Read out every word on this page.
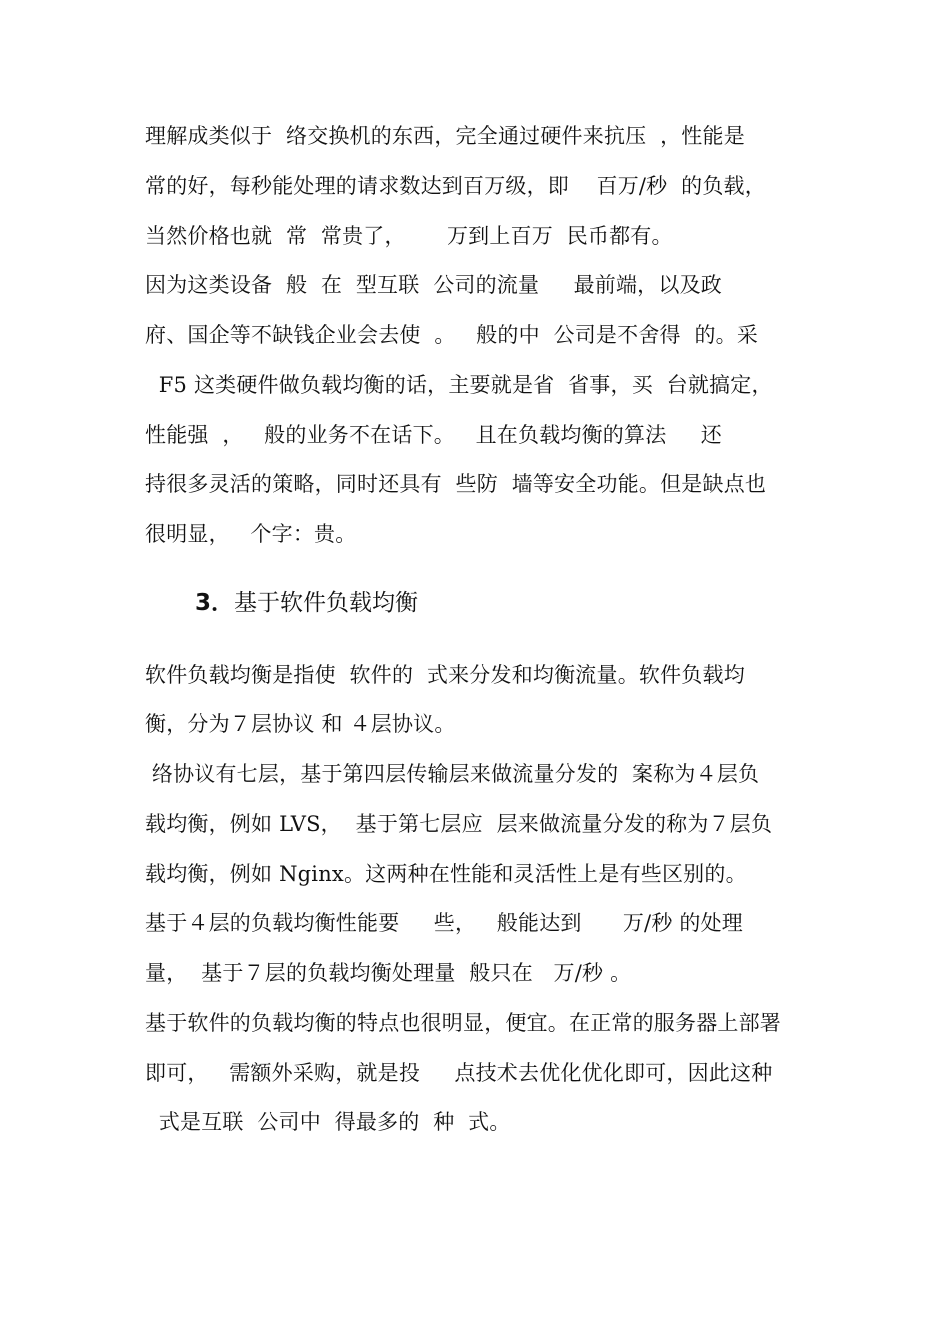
理解成类似于  络交换机的东西，完全通过硬件来抗压  ，性能是
常的好，每秒能处理的请求数达到百万级，即    百万/秒  的负载，
当然价格也就  常  常贵了，      万到上百万  民币都有。
因为这类设备  般  在  型互联  公司的流量     最前端，以及政
府、国企等不缺钱企业会去使  。   般的中  公司是不舍得  的。采
F5 这类硬件做负载均衡的话，主要就是省  省事，买  台就搞定，
性能强  ，   般的业务不在话下。   且在负载均衡的算法     还
持很多灵活的策略，同时还具有  些防  墙等安全功能。但是缺点也
很明显，   个字：贵。
3．基于软件负载均衡
软件负载均衡是指使  软件的  式来分发和均衡流量。软件负载均
衡，分为７层协议 和 ４层协议。
络协议有七层，基于第四层传输层来做流量分发的  案称为４层负
载均衡，例如 LVS，  基于第七层应  层来做流量分发的称为７层负
载均衡，例如 Nginx。这两种在性能和灵活性上是有些区别的。
基于４层的负载均衡性能要     些，   般能达到      万/秒 的处理
量，  基于７层的负载均衡处理量  般只在   万/秒 。
基于软件的负载均衡的特点也很明显，便宜。在正常的服务器上部署
即可，   需额外采购，就是投     点技术去优化优化即可，因此这种
式是互联  公司中  得最多的  种  式。
